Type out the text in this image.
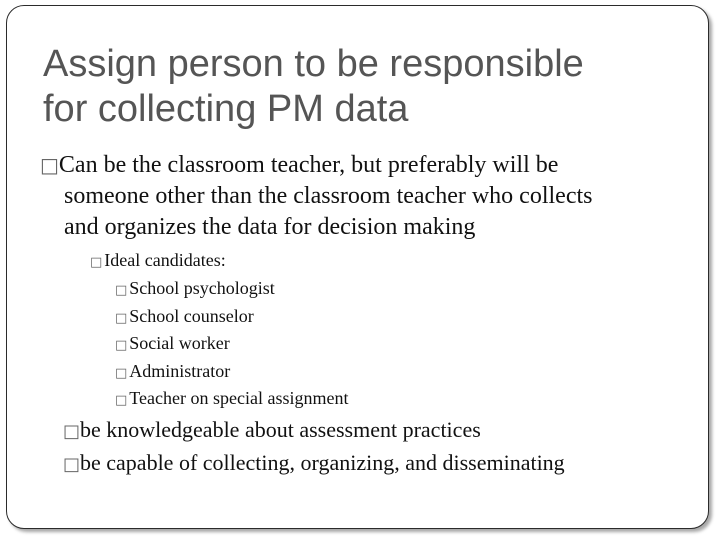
Assign person to be responsible
for collecting PM data
□Can be the classroom teacher, but preferably will be
someone other than the classroom teacher who collects
and organizes the data for decision making
□ Ideal candidates:
□ School psychologist
□ School counselor
□ Social worker
□ Administrator
□ Teacher on special assignment
□be knowledgeable about assessment practices
□be capable of collecting, organizing, and disseminating
